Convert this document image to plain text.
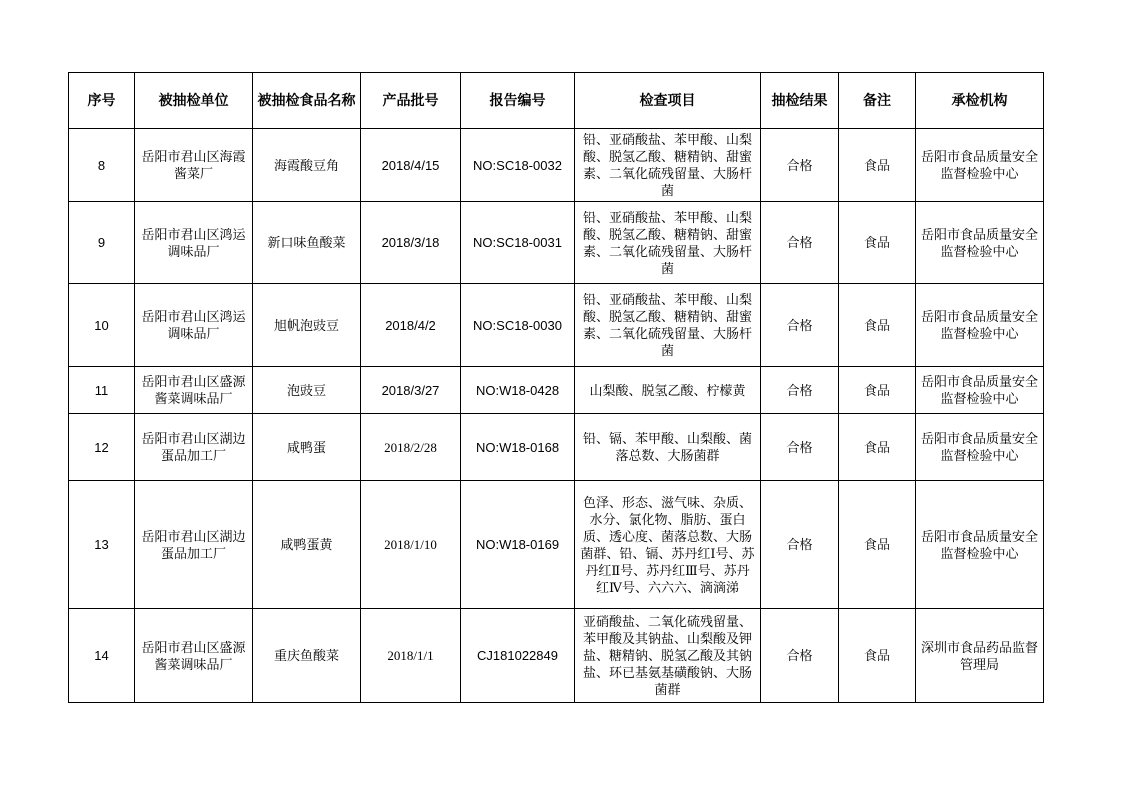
序号	被抽检单位	被抽检食品名称	产品批号	报告编号	检查项目	抽检结果	备注	承检机构
8	岳阳市君山区海霞酱菜厂	海霞酸豆角	2018/4/15	NO:SC18-0032	铅、亚硝酸盐、苯甲酸、山梨酸、脱氢乙酸、糖精钠、甜蜜素、二氧化硫残留量、大肠杆菌	合格	食品	岳阳市食品质量安全监督检验中心
9	岳阳市君山区鸿运调味品厂	新口味鱼酸菜	2018/3/18	NO:SC18-0031	铅、亚硝酸盐、苯甲酸、山梨酸、脱氢乙酸、糖精钠、甜蜜素、二氧化硫残留量、大肠杆菌	合格	食品	岳阳市食品质量安全监督检验中心
10	岳阳市君山区鸿运调味品厂	旭帆泡豉豆	2018/4/2	NO:SC18-0030	铅、亚硝酸盐、苯甲酸、山梨酸、脱氢乙酸、糖精钠、甜蜜素、二氧化硫残留量、大肠杆菌	合格	食品	岳阳市食品质量安全监督检验中心
11	岳阳市君山区盛源酱菜调味品厂	泡豉豆	2018/3/27	NO:W18-0428	山梨酸、脱氢乙酸、柠檬黄	合格	食品	岳阳市食品质量安全监督检验中心
12	岳阳市君山区湖边蛋品加工厂	咸鸭蛋	2018/2/28	NO:W18-0168	铅、镉、苯甲酸、山梨酸、菌落总数、大肠菌群	合格	食品	岳阳市食品质量安全监督检验中心
13	岳阳市君山区湖边蛋品加工厂	咸鸭蛋黄	2018/1/10	NO:W18-0169	色泽、形态、滋气味、杂质、水分、氯化物、脂肪、蛋白质、透心度、菌落总数、大肠菌群、铅、镉、苏丹红Ⅰ号、苏丹红Ⅱ号、苏丹红Ⅲ号、苏丹红Ⅳ号、六六六、滴滴涕	合格	食品	岳阳市食品质量安全监督检验中心
14	岳阳市君山区盛源酱菜调味品厂	重庆鱼酸菜	2018/1/1	CJ181022849	亚硝酸盐、二氧化硫残留量、苯甲酸及其钠盐、山梨酸及钾盐、糖精钠、脱氢乙酸及其钠盐、环已基氨基磺酸钠、大肠菌群	合格	食品	深圳市食品药品监督管理局
